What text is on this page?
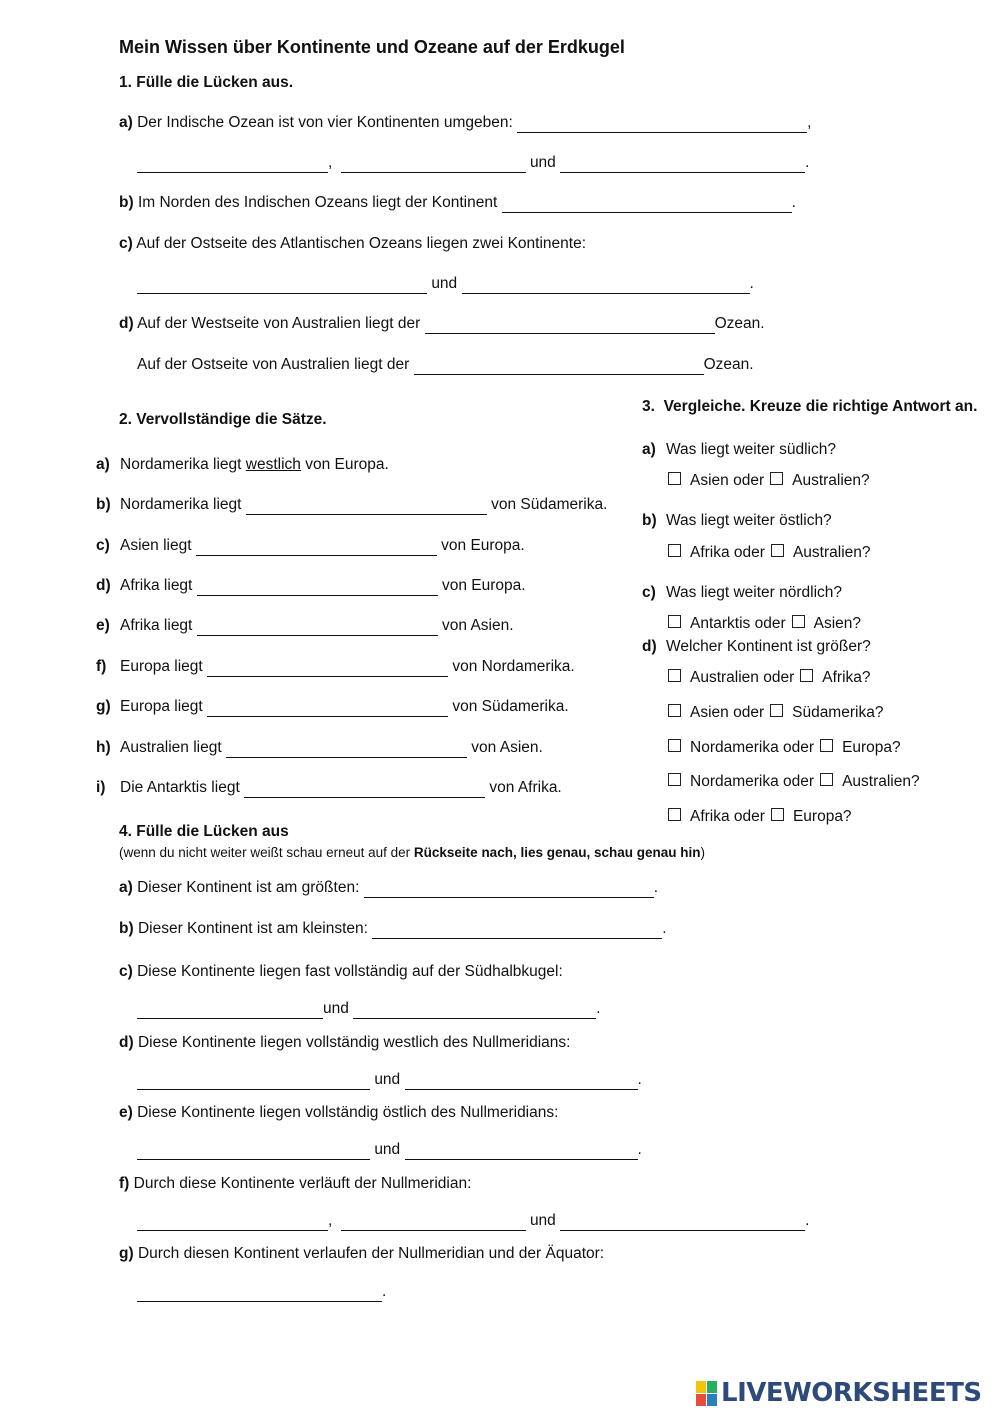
Mein Wissen über Kontinente und Ozeane auf der Erdkugel
1. Fülle die Lücken aus.
a) Der Indische Ozean ist von vier Kontinenten umgeben:	,
,	und	.
b) Im Norden des Indischen Ozeans liegt der Kontinent	.
c) Auf der Ostseite des Atlantischen Ozeans liegen zwei Kontinente:
und	.
d) Auf der Westseite von Australien liegt der	Ozean.
Auf der Ostseite von Australien liegt der	Ozean.
2. Vervollständige die Sätze.
a) Nordamerika liegt westlich von Europa.
b) Nordamerika liegt	von Südamerika.
c) Asien liegt	von Europa.
d) Afrika liegt	von Europa.
e) Afrika liegt	von Asien.
f) Europa liegt	von Nordamerika.
g) Europa liegt	von Südamerika.
h) Australien liegt	von Asien.
i) Die Antarktis liegt	von Afrika.
3. Vergleiche. Kreuze die richtige Antwort an.
a) Was liegt weiter südlich?
b) Was liegt weiter östlich?
c) Was liegt weiter nördlich?
d) Welcher Kontinent ist größer?
Asien oder Australien?
Afrika oder Australien?
Antarktis oder Asien?
Australien oder Afrika?
Asien oder Südamerika?
Nordamerika oder Europa?
Nordamerika oder Australien?
Afrika oder Europa?
4. Fülle die Lücken aus
(wenn du nicht weiter weißt schau erneut auf der Rückseite nach, lies genau, schau genau hin)
a) Dieser Kontinent ist am größten:	.
b) Dieser Kontinent ist am kleinsten:	.
c) Diese Kontinente liegen fast vollständig auf der Südhalbkugel:
und	.
d) Diese Kontinente liegen vollständig westlich des Nullmeridians:
und	.
e) Diese Kontinente liegen vollständig östlich des Nullmeridians:
und	.
f) Durch diese Kontinente verläuft der Nullmeridian:
,	und	.
g) Durch diesen Kontinent verlaufen der Nullmeridian und der Äquator:
.
LIVEWORKSHEETS
